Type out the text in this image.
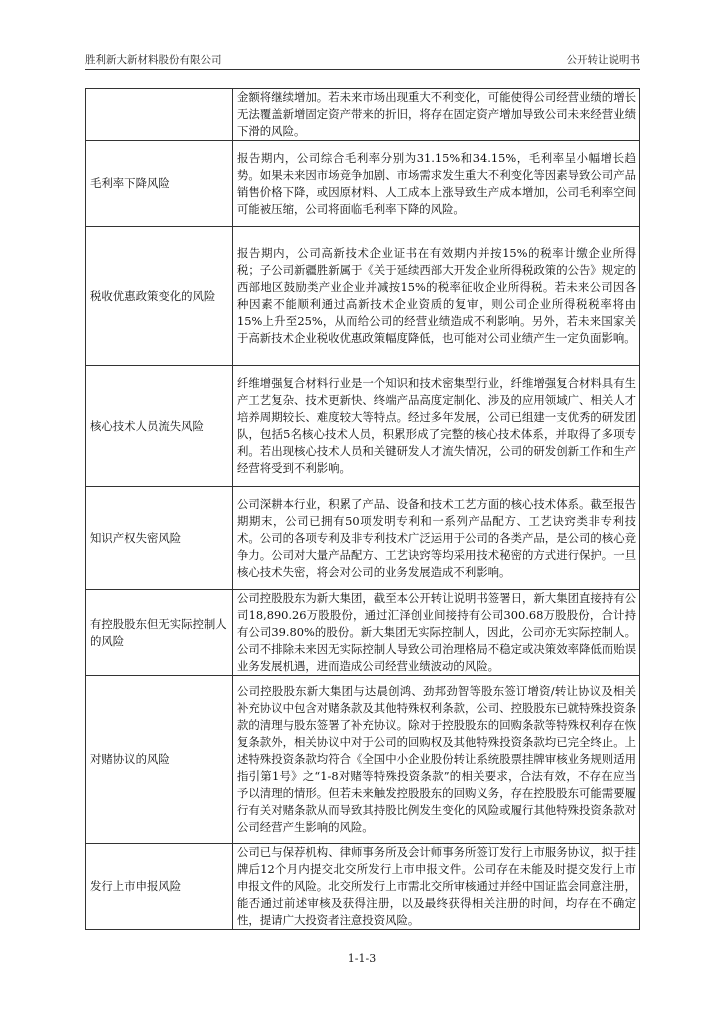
胜利新大新材料股份有限公司	公开转让说明书
	金额将继续增加。若未来市场出现重大不利变化，可能使得公司经营业绩的增长无法覆盖新增固定资产带来的折旧，将存在固定资产增加导致公司未来经营业绩下滑的风险。
毛利率下降风险	报告期内，公司综合毛利率分别为31.15%和34.15%，毛利率呈小幅增长趋势。如果未来因市场竞争加剧、市场需求发生重大不利变化等因素导致公司产品销售价格下降，或因原材料、人工成本上涨导致生产成本增加，公司毛利率空间可能被压缩，公司将面临毛利率下降的风险。
税收优惠政策变化的风险	报告期内，公司高新技术企业证书在有效期内并按15%的税率计缴企业所得税；子公司新疆胜新属于《关于延续西部大开发企业所得税政策的公告》规定的西部地区鼓励类产业企业并减按15%的税率征收企业所得税。若未来公司因各种因素不能顺利通过高新技术企业资质的复审，则公司企业所得税税率将由15%上升至25%，从而给公司的经营业绩造成不利影响。另外，若未来国家关于高新技术企业税收优惠政策幅度降低，也可能对公司业绩产生一定负面影响。
核心技术人员流失风险	纤维增强复合材料行业是一个知识和技术密集型行业，纤维增强复合材料具有生产工艺复杂、技术更新快、终端产品高度定制化、涉及的应用领域广、相关人才培养周期较长、难度较大等特点。经过多年发展，公司已组建一支优秀的研发团队，包括5名核心技术人员，积累形成了完整的核心技术体系，并取得了多项专利。若出现核心技术人员和关键研发人才流失情况，公司的研发创新工作和生产经营将受到不利影响。
知识产权失密风险	公司深耕本行业，积累了产品、设备和技术工艺方面的核心技术体系。截至报告期期末，公司已拥有50项发明专利和一系列产品配方、工艺诀窍类非专利技术。公司的各项专利及非专利技术广泛运用于公司的各类产品，是公司的核心竞争力。公司对大量产品配方、工艺诀窍等均采用技术秘密的方式进行保护。一旦核心技术失密，将会对公司的业务发展造成不利影响。
有控股股东但无实际控制人的风险	公司控股股东为新大集团，截至本公开转让说明书签署日，新大集团直接持有公司18,890.26万股股份，通过汇泽创业间接持有公司300.68万股股份，合计持有公司39.80%的股份。新大集团无实际控制人，因此，公司亦无实际控制人。公司不排除未来因无实际控制人导致公司治理格局不稳定或决策效率降低而贻误业务发展机遇，进而造成公司经营业绩波动的风险。
对赌协议的风险	公司控股股东新大集团与达晨创鸿、劲邦劲智等股东签订增资/转让协议及相关补充协议中包含对赌条款及其他特殊权利条款，公司、控股股东已就特殊投资条款的清理与股东签署了补充协议。除对于控股股东的回购条款等特殊权利存在恢复条款外，相关协议中对于公司的回购权及其他特殊投资条款均已完全终止。上述特殊投资条款均符合《全国中小企业股份转让系统股票挂牌审核业务规则适用指引第1号》之“1-8对赌等特殊投资条款”的相关要求，合法有效，不存在应当予以清理的情形。但若未来触发控股股东的回购义务，存在控股股东可能需要履行有关对赌条款从而导致其持股比例发生变化的风险或履行其他特殊投资条款对公司经营产生影响的风险。
发行上市申报风险	公司已与保荐机构、律师事务所及会计师事务所签订发行上市服务协议，拟于挂牌后12个月内提交北交所发行上市申报文件。公司存在未能及时提交发行上市申报文件的风险。北交所发行上市需北交所审核通过并经中国证监会同意注册，能否通过前述审核及获得注册，以及最终获得相关注册的时间，均存在不确定性，提请广大投资者注意投资风险。
1-1-3
